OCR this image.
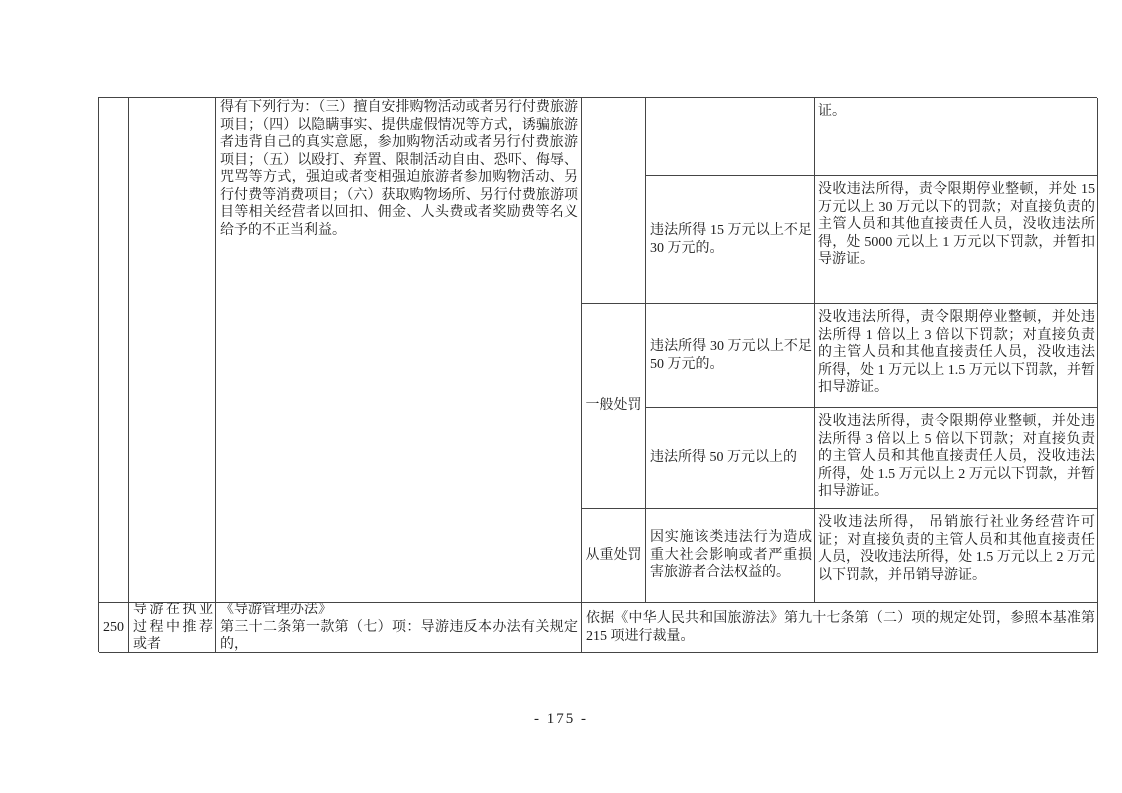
得有下列行为：（三）擅自安排购物活动或者另行付费旅游项目；（四）以隐瞒事实、提供虚假情况等方式，诱骗旅游者违背自己的真实意愿，参加购物活动或者另行付费旅游项目；（五）以殴打、弃置、限制活动自由、恐吓、侮辱、咒骂等方式，强迫或者变相强迫旅游者参加购物活动、另行付费等消费项目；（六）获取购物场所、另行付费旅游项目等相关经营者以回扣、佣金、人头费或者奖励费等名义给予的不正当利益。
证。
违法所得 15 万元以上不足 30 万元的。
没收违法所得，责令限期停业整顿，并处 15 万元以上 30 万元以下的罚款；对直接负责的主管人员和其他直接责任人员，没收违法所得，处 5000 元以上 1 万元以下罚款，并暂扣导游证。
一般处罚
违法所得 30 万元以上不足 50 万元的。
没收违法所得，责令限期停业整顿，并处违法所得 1 倍以上 3 倍以下罚款；对直接负责的主管人员和其他直接责任人员，没收违法所得，处 1 万元以上 1.5 万元以下罚款，并暂扣导游证。
违法所得 50 万元以上的
没收违法所得，责令限期停业整顿，并处违法所得 3 倍以上 5 倍以下罚款；对直接负责的主管人员和其他直接责任人员，没收违法所得，处 1.5 万元以上 2 万元以下罚款，并暂扣导游证。
从重处罚
因实施该类违法行为造成重大社会影响或者严重损害旅游者合法权益的。
没收违法所得， 吊销旅行社业务经营许可证；对直接负责的主管人员和其他直接责任人员，没收违法所得，处 1.5 万元以上 2 万元以下罚款，并吊销导游证。
250
导游在执业过程中推荐或者
《导游管理办法》
第三十二条第一款第（七）项：导游违反本办法有关规定的，
依据《中华人民共和国旅游法》第九十七条第（二）项的规定处罚，参照本基准第 215 项进行裁量。
- 175 -
